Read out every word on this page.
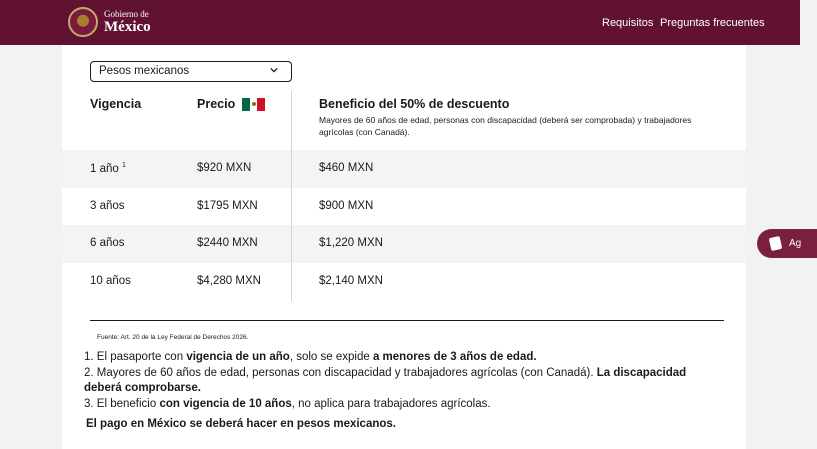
Gobierno de
México	Requisitos Preguntas frecuentes
Pesos mexicanos
Vigencia	Precio	Beneficio del 50% de descuento
Mayores de 60 años de edad, personas con discapacidad (deberá ser comprobada) y trabajadores agrícolas (con Canadá).
1 año $^1$	$920 MXN	$460 MXN
3 años	$1795 MXN	$900 MXN
6 años	$2440 MXN	$1,220 MXN
10 años	$4,280 MXN	$2,140 MXN
Fuente: Art. 20 de la Ley Federal de Derechos 2026.
1. El pasaporte con vigencia de un año, solo se expide a menores de 3 años de edad.
2. Mayores de 60 años de edad, personas con discapacidad y trabajadores agrícolas (con Canadá). La discapacidad deberá comprobarse.
3. El beneficio con vigencia de 10 años, no aplica para trabajadores agrícolas.
El pago en México se deberá hacer en pesos mexicanos.
Ag
